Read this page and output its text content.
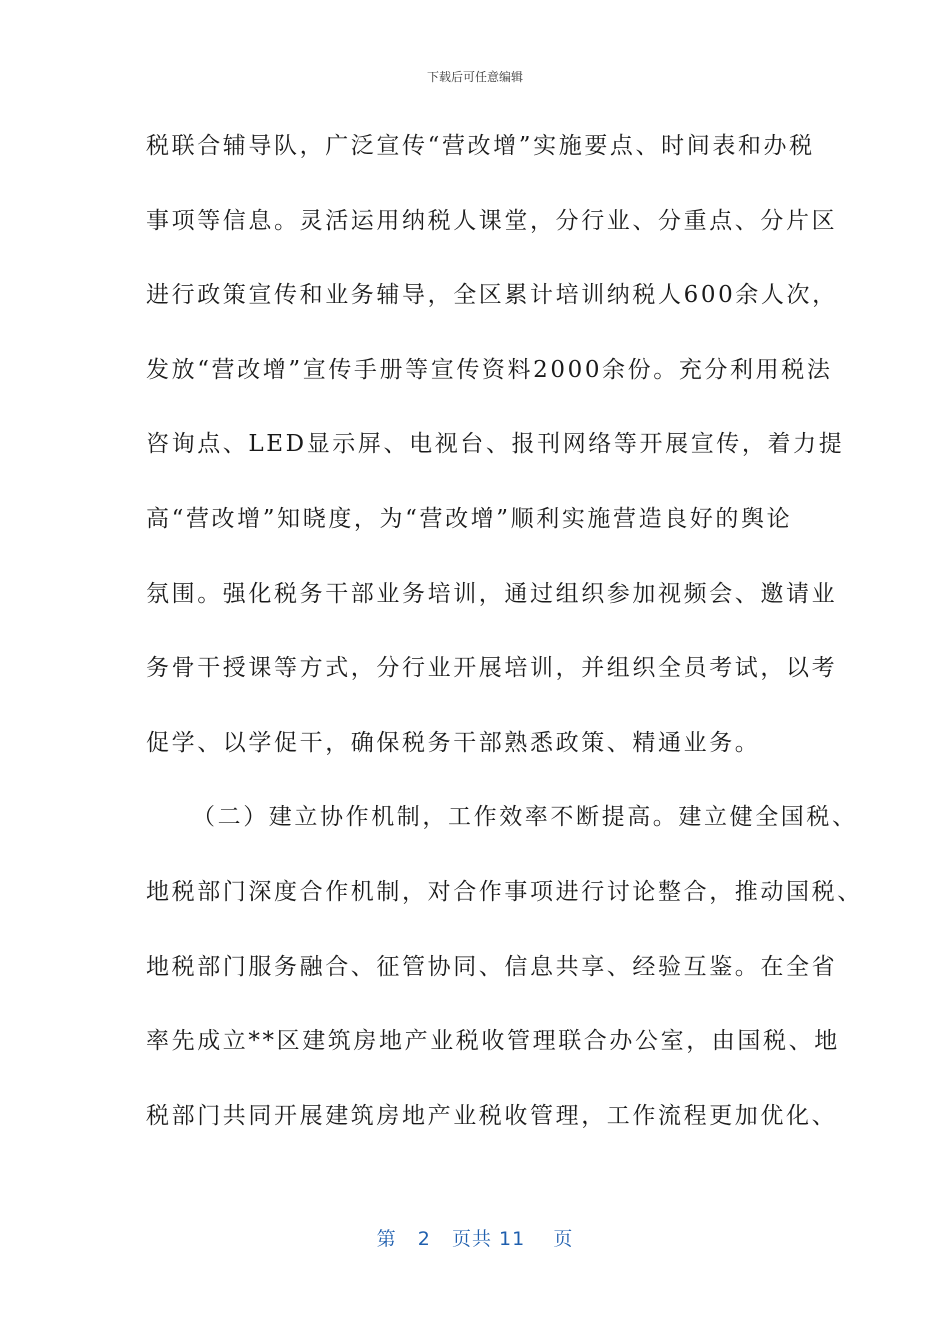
下载后可任意编辑
税联合辅导队，广泛宣传“营改增”实施要点、时间表和办税
事项等信息。灵活运用纳税人课堂，分行业、分重点、分片区
进行政策宣传和业务辅导，全区累计培训纳税人600余人次，
发放“营改增”宣传手册等宣传资料2000余份。充分利用税法
咨询点、LED显示屏、电视台、报刊网络等开展宣传，着力提
高“营改增”知晓度，为“营改增”顺利实施营造良好的舆论
氛围。强化税务干部业务培训，通过组织参加视频会、邀请业
务骨干授课等方式，分行业开展培训，并组织全员考试，以考
促学、以学促干，确保税务干部熟悉政策、精通业务。
（二）建立协作机制，工作效率不断提高。建立健全国税、
地税部门深度合作机制，对合作事项进行讨论整合，推动国税、
地税部门服务融合、征管协同、信息共享、经验互鉴。在全省
率先成立**区建筑房地产业税收管理联合办公室，由国税、地
税部门共同开展建筑房地产业税收管理，工作流程更加优化、
第 2 页共 11 页
